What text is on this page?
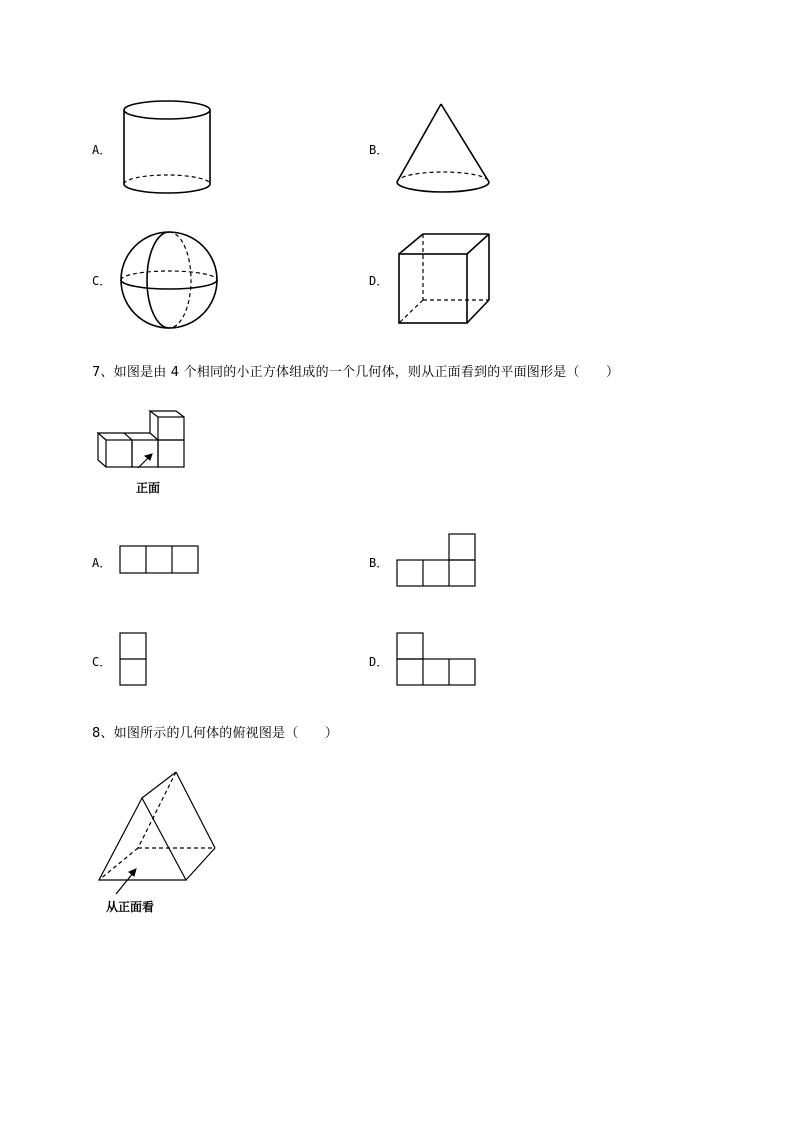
A．	B．
C．	D．
7、如图是由 4 个相同的小正方体组成的一个几何体，则从正面看到的平面图形是（　　）
正面
A．	B．
C．	D．
8、如图所示的几何体的俯视图是（　　）
从正面看
